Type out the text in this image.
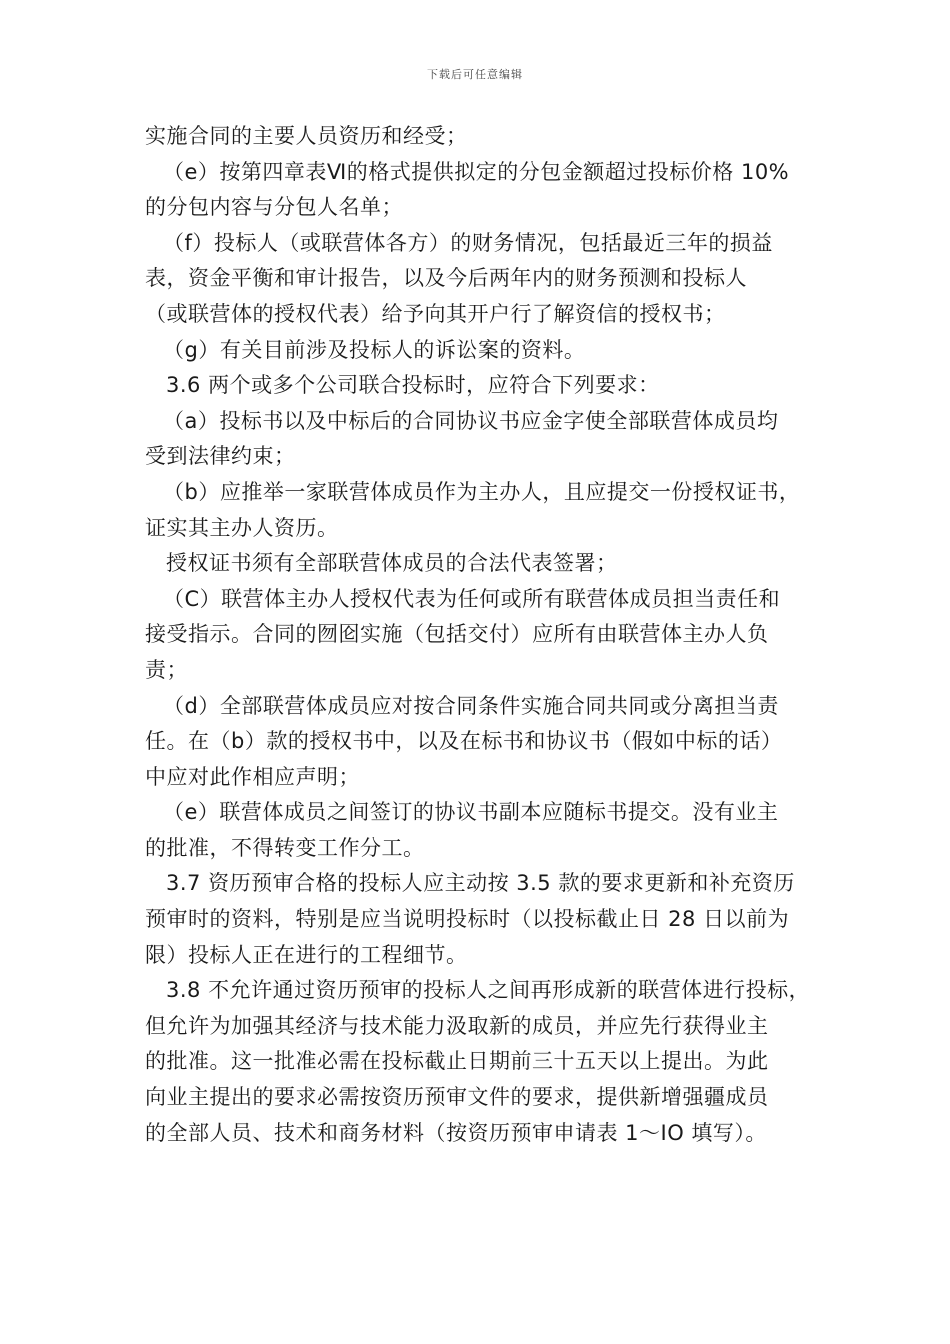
下载后可任意编辑
实施合同的主要人员资历和经受；
（e）按第四章表Ⅵ的格式提供拟定的分包金额超过投标价格 10%
的分包内容与分包人名单；
（f）投标人（或联营体各方）的财务情况，包括最近三年的损益
表，资金平衡和审计报告，以及今后两年内的财务预测和投标人
（或联营体的授权代表）给予向其开户行了解资信的授权书；
（g）有关目前涉及投标人的诉讼案的资料。
3.6 两个或多个公司联合投标时，应符合下列要求：
（a）投标书以及中标后的合同协议书应金字使全部联营体成员均
受到法律约束；
（b）应推举一家联营体成员作为主办人，且应提交一份授权证书，
证实其主办人资历。
授权证书须有全部联营体成员的合法代表签署；
（C）联营体主办人授权代表为任何或所有联营体成员担当责任和
接受指示。合同的囫囵实施（包括交付）应所有由联营体主办人负
责；
（d）全部联营体成员应对按合同条件实施合同共同或分离担当责
任。在（b）款的授权书中，以及在标书和协议书（假如中标的话）
中应对此作相应声明；
（e）联营体成员之间签订的协议书副本应随标书提交。没有业主
的批准，不得转变工作分工。
3.7 资历预审合格的投标人应主动按 3.5 款的要求更新和补充资历
预审时的资料，特别是应当说明投标时（以投标截止日 28 日以前为
限）投标人正在进行的工程细节。
3.8 不允许通过资历预审的投标人之间再形成新的联营体进行投标，
但允许为加强其经济与技术能力汲取新的成员，并应先行获得业主
的批准。这一批准必需在投标截止日期前三十五天以上提出。为此
向业主提出的要求必需按资历预审文件的要求，提供新增强疆成员
的全部人员、技术和商务材料（按资历预审申请表 1～IO 填写）。
